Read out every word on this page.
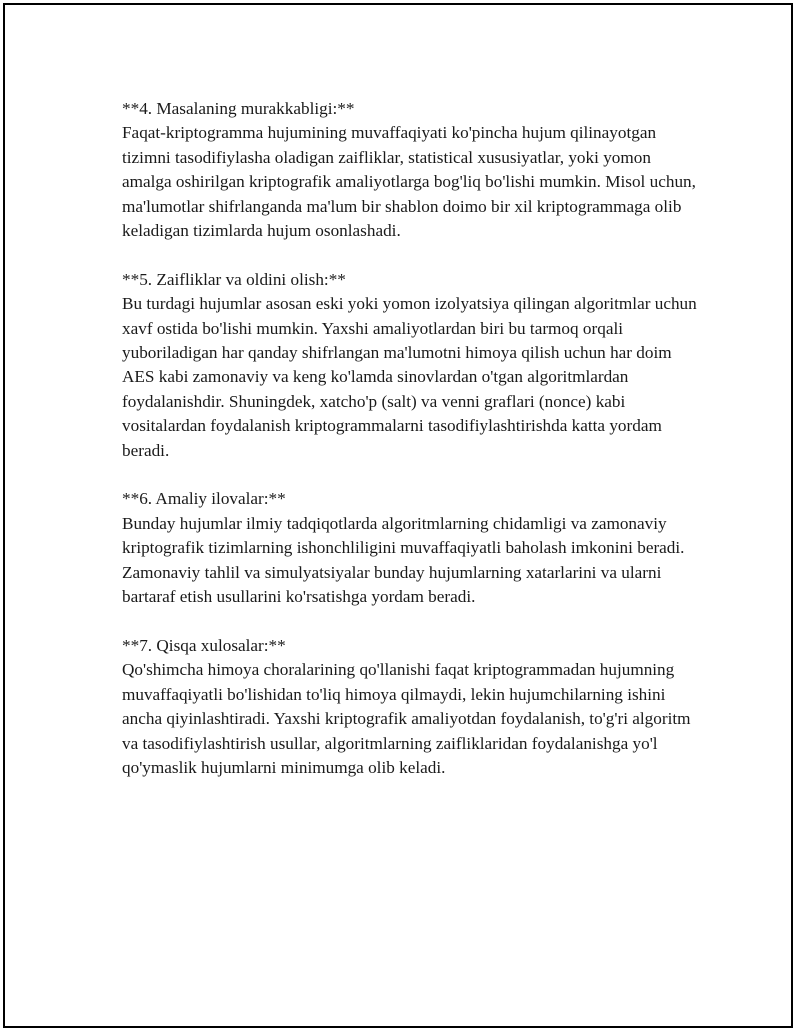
**4. Masalaning murakkabligi:**

Faqat-kriptogramma hujumining muvaffaqiyati ko'pincha hujum qilinayotgan tizimni tasodifiylasha oladigan zaifliklar, statistical xususiyatlar, yoki yomon amalga oshirilgan kriptografik amaliyotlarga bog'liq bo'lishi mumkin. Misol uchun, ma'lumotlar shifrlanganda ma'lum bir shablon doimo bir xil kriptogrammaga olib keladigan tizimlarda hujum osonlashadi.

**5. Zaifliklar va oldini olish:**

Bu turdagi hujumlar asosan eski yoki yomon izolyatsiya qilingan algoritmlar uchun xavf ostida bo'lishi mumkin. Yaxshi amaliyotlardan biri bu tarmoq orqali yuboriladigan har qanday shifrlangan ma'lumotni himoya qilish uchun har doim AES kabi zamonaviy va keng ko'lamda sinovlardan o'tgan algoritmlardan foydalanishdir. Shuningdek, xatcho'p (salt) va venni graflari (nonce) kabi vositalardan foydalanish kriptogrammalarni tasodifiylashtirishda katta yordam beradi.

**6. Amaliy ilovalar:**

Bunday hujumlar ilmiy tadqiqotlarda algoritmlarning chidamligi va zamonaviy kriptografik tizimlarning ishonchliligini muvaffaqiyatli baholash imkonini beradi. Zamonaviy tahlil va simulyatsiyalar bunday hujumlarning xatarlarini va ularni bartaraf etish usullarini ko'rsatishga yordam beradi.

**7. Qisqa xulosalar:**

Qo'shimcha himoya choralarining qo'llanishi faqat kriptogrammadan hujumning muvaffaqiyatli bo'lishidan to'liq himoya qilmaydi, lekin hujumchilarning ishini ancha qiyinlashtiradi. Yaxshi kriptografik amaliyotdan foydalanish, to'g'ri algoritm va tasodifiylashtirish usullar, algoritmlarning zaifliklaridan foydalanishga yo'l qo'ymaslik hujumlarni minimumga olib keladi.
